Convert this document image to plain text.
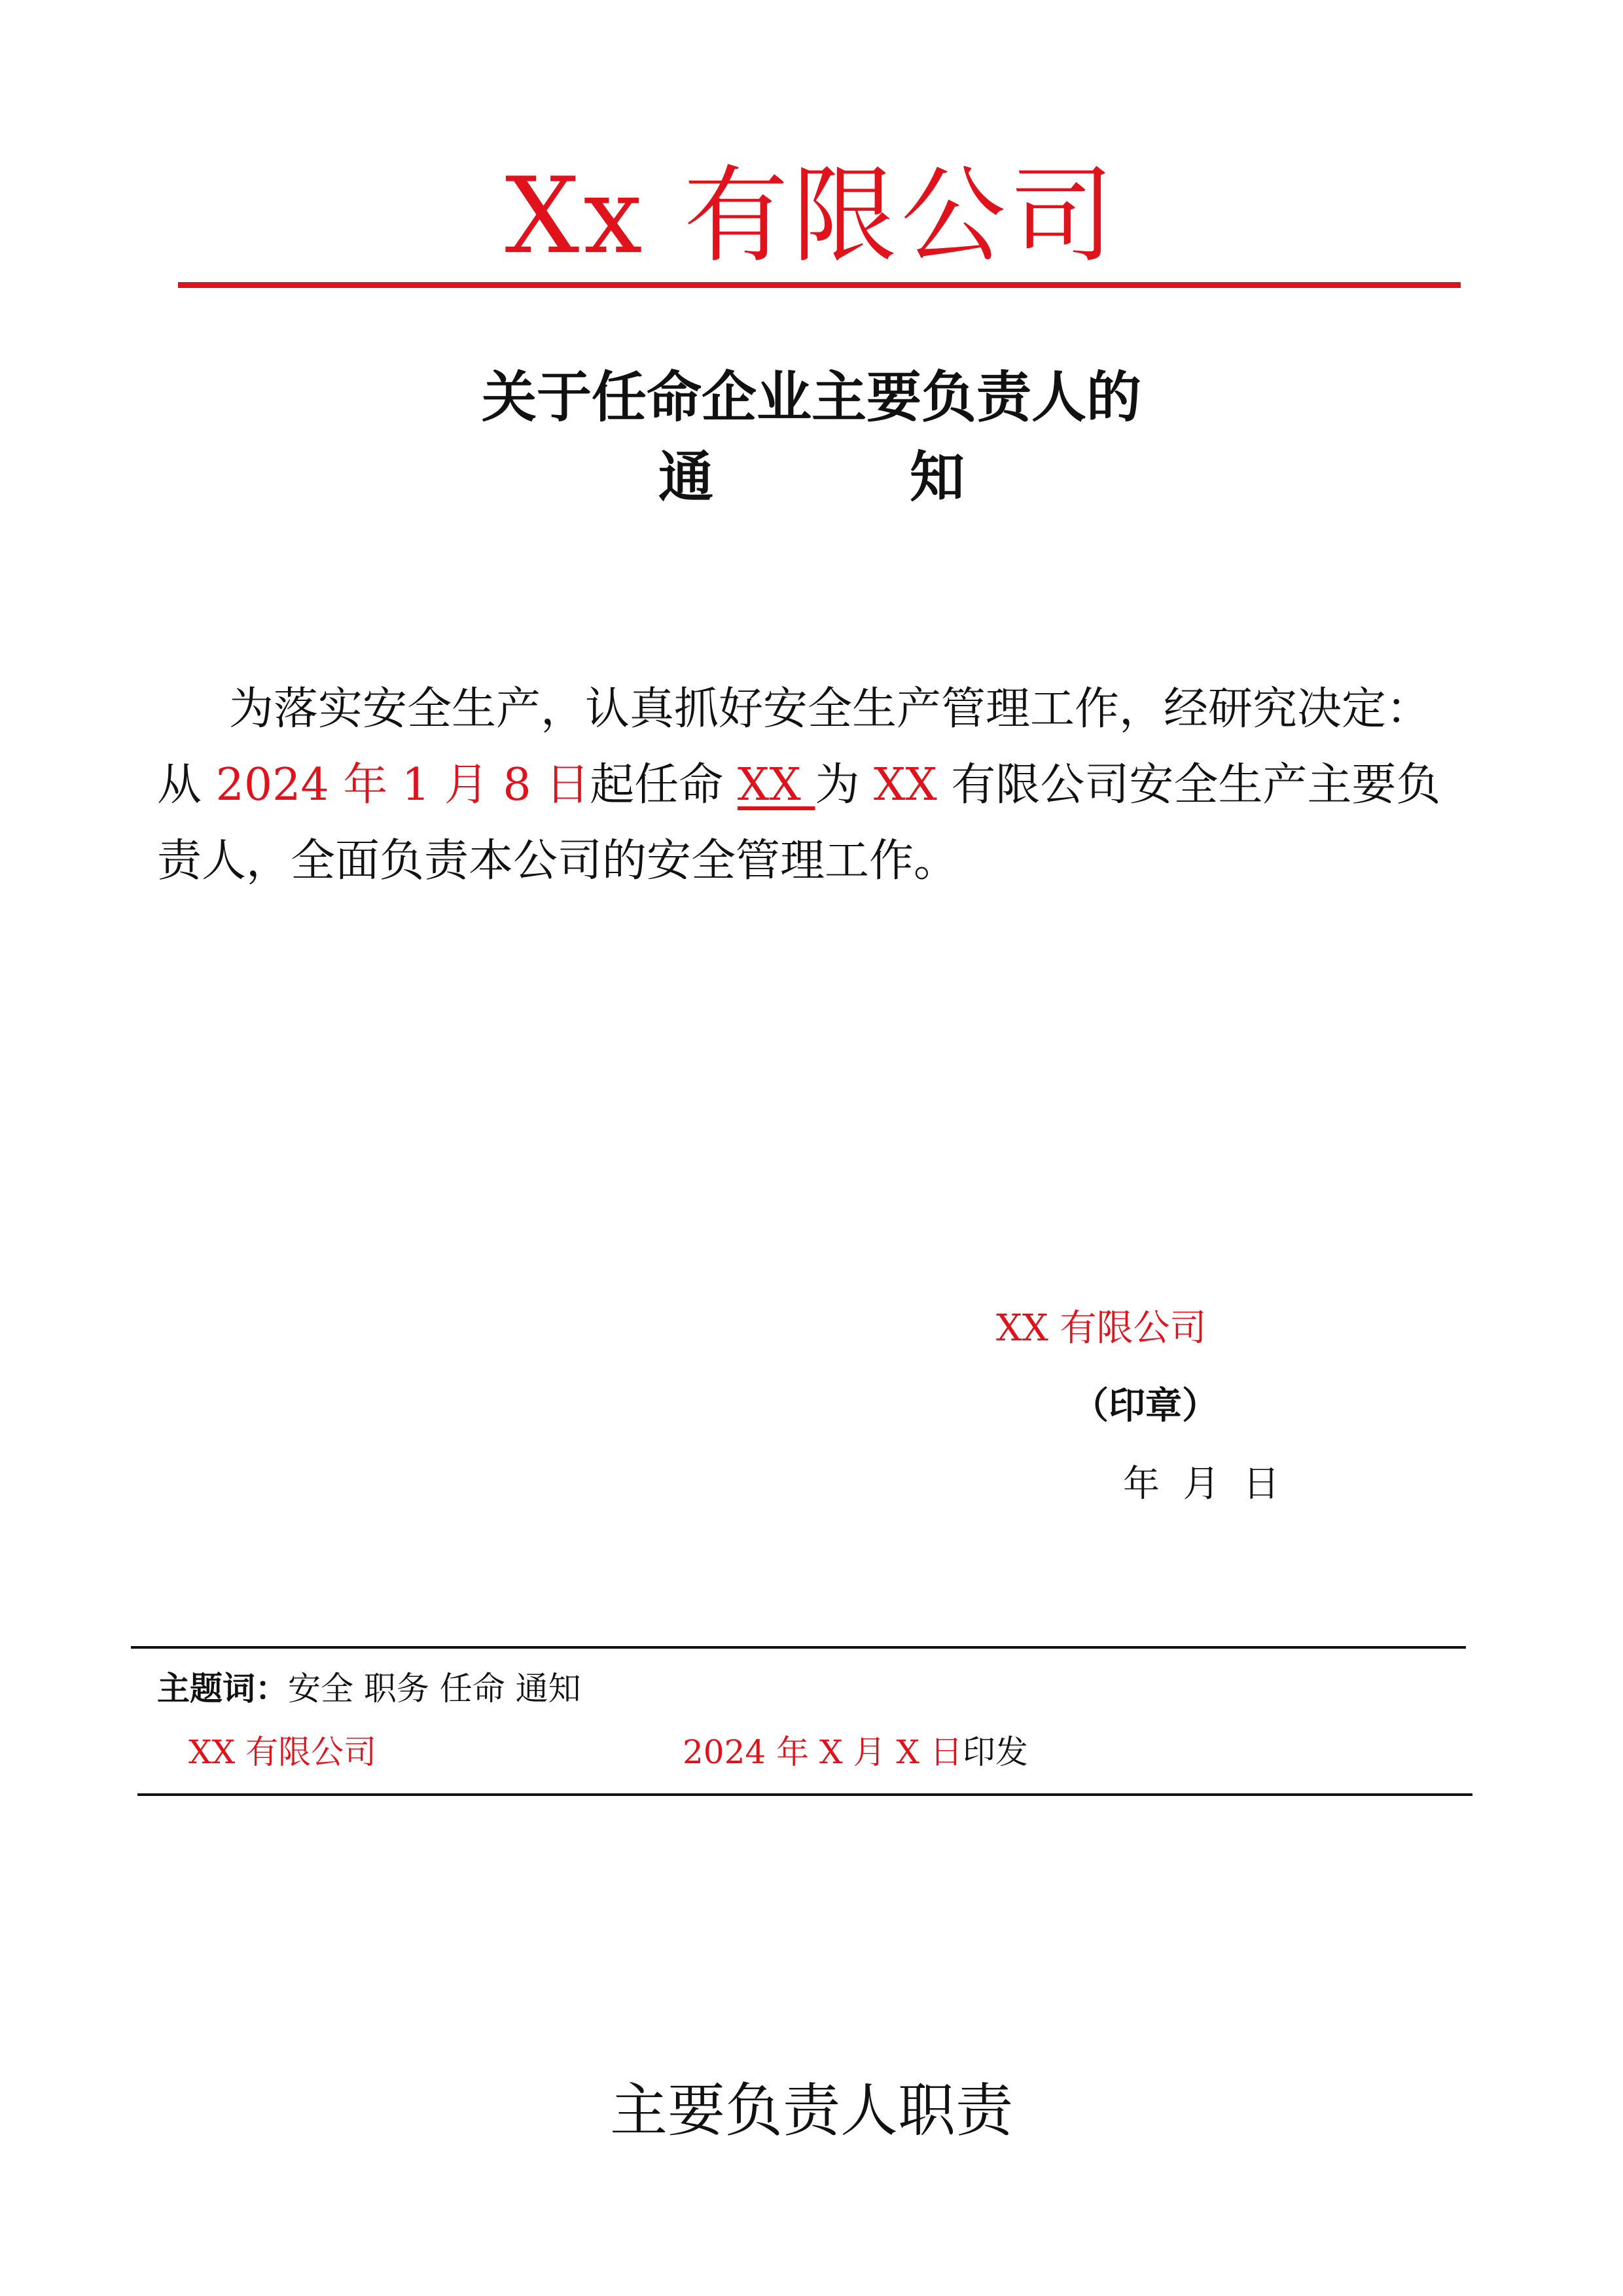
Xx 有限公司
关于任命企业主要负责人的
通	知
为落实安全生产，认真抓好安全生产管理工作，经研究决定：
从 2024 年 1 月 8 日起任命 XX 为 XX 有限公司安全生产主要负
责人，全面负责本公司的安全管理工作。
XX 有限公司
（印章）
年  月  日
主题词：安全 职务 任命 通知
XX 有限公司	2024 年 X 月 X 日印发
主要负责人职责
